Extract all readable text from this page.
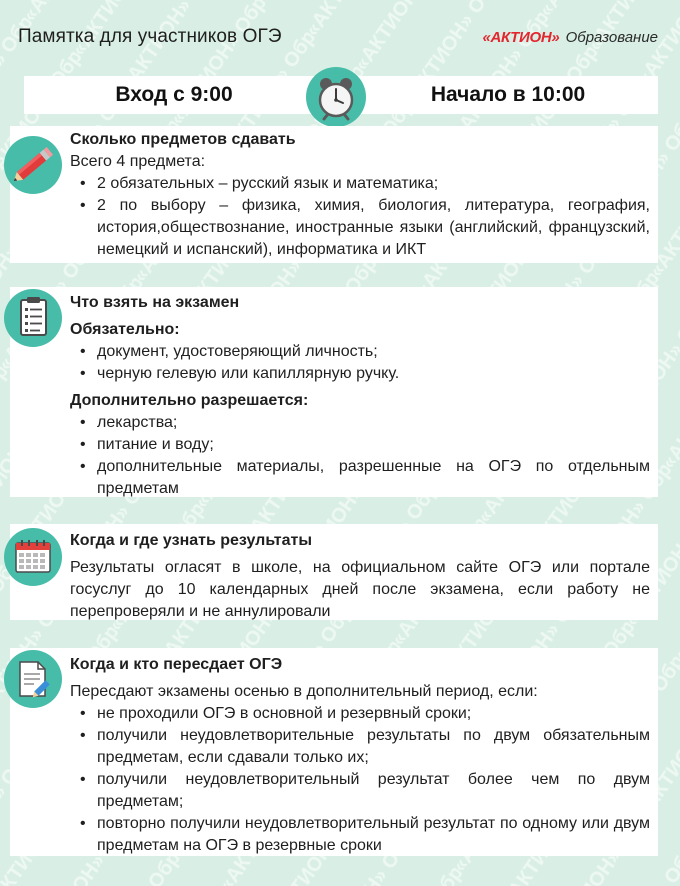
Памятка для участников ОГЭ	«АКТИОН» Образование
Вход с 9:00	Начало в 10:00

Сколько предметов сдавать

Всего 4 предмета:

• 2 обязательных – русский язык и математика;
• 2 по выбору – физика, химия, биология, литература, география, история,обществознание, иностранные языки (английский, французский, немецкий и испанский), информатика и ИКТ

Что взять на экзамен

Обязательно:

• документ, удостоверяющий личность;
• черную гелевую или капиллярную ручку.

Дополнительно разрешается:

• лекарства;
• питание и воду;
• дополнительные материалы, разрешенные на ОГЭ по отдельным предметам

Когда и где узнать результаты

Результаты огласят в школе, на официальном сайте ОГЭ или портале госуслуг до 10 календарных дней после экзамена, если работу не перепроверяли и не аннулировали

Когда и кто пересдает ОГЭ

Пересдают экзамены осенью в дополнительный период, если:

• не проходили ОГЭ в основной и резервный сроки;
• получили неудовлетворительные результаты по двум обязательным предметам, если сдавали только их;
• получили неудовлетворительный результат более чем по двум предметам;
• повторно получили неудовлетворительный результат по одному или двум предметам на ОГЭ в резервные сроки
